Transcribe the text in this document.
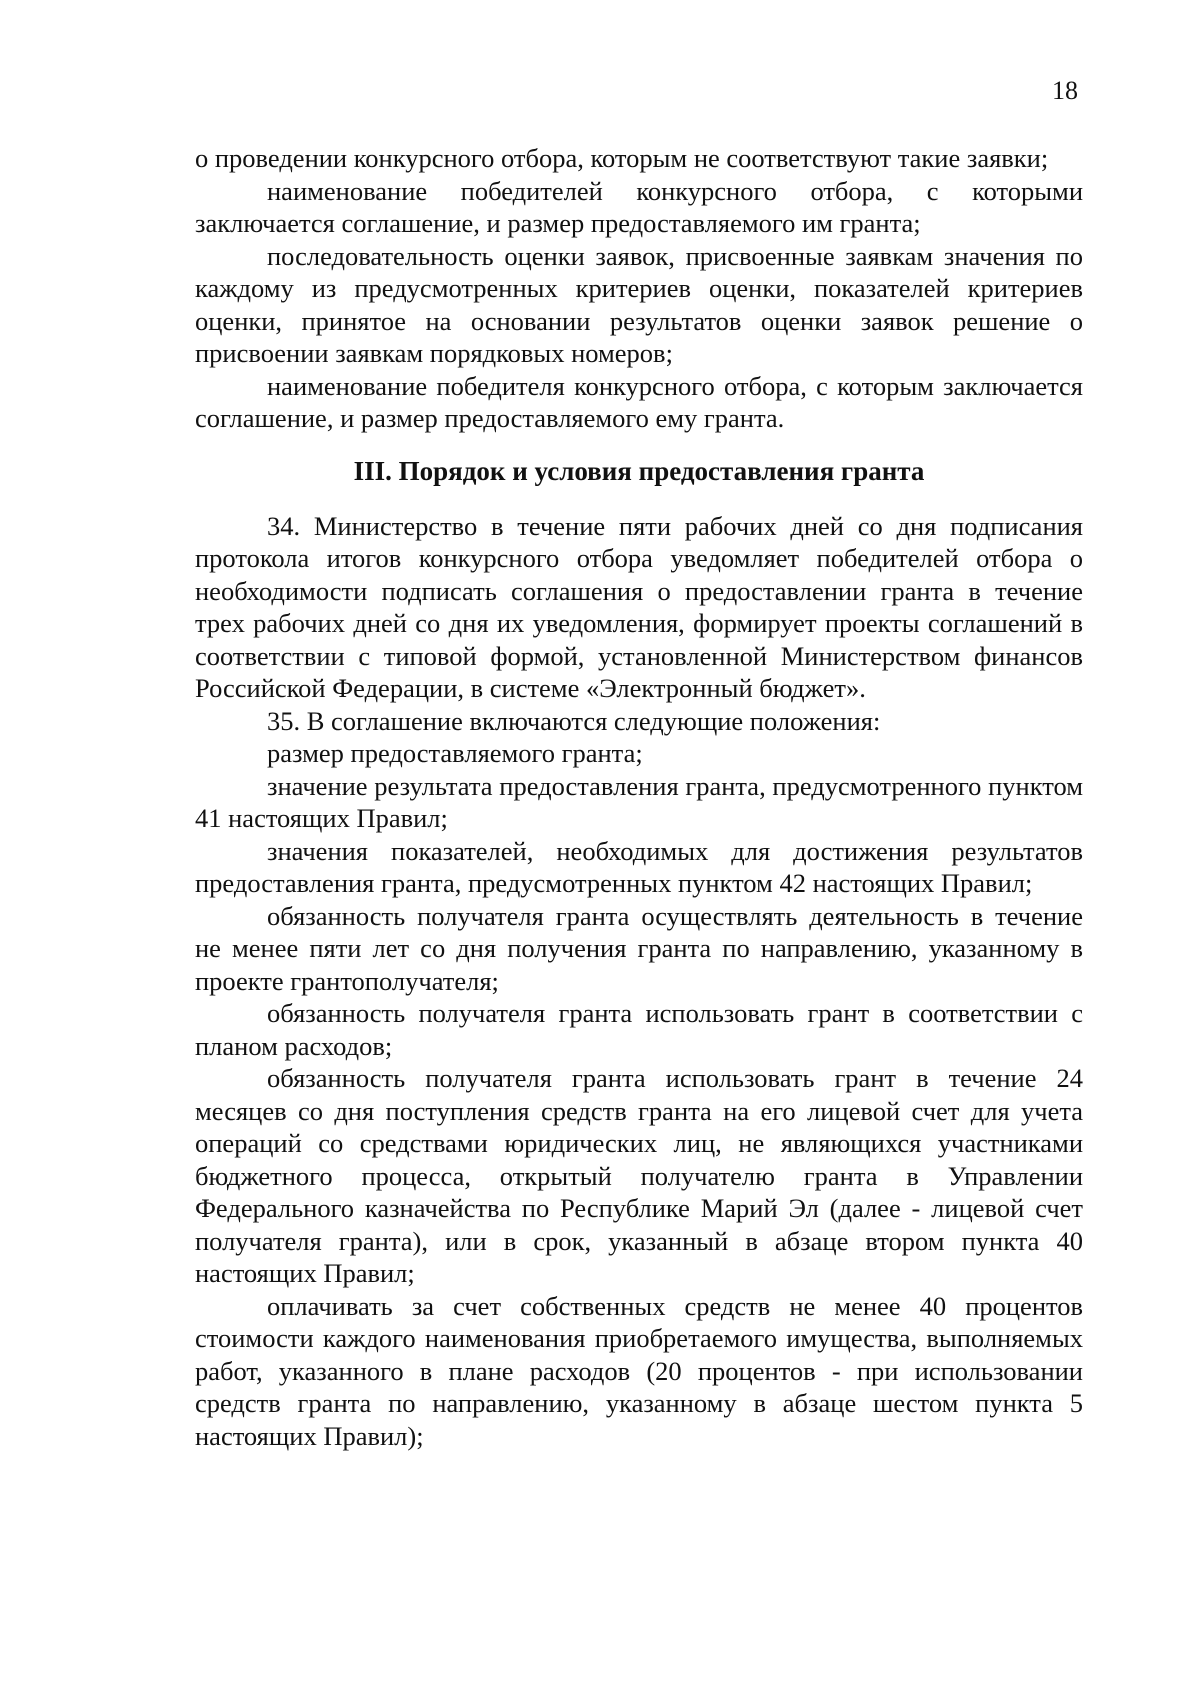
18

о проведении конкурсного отбора, которым не соответствуют такие заявки;

наименование победителей конкурсного отбора, с которыми заключается соглашение, и размер предоставляемого им гранта;

последовательность оценки заявок, присвоенные заявкам значения по каждому из предусмотренных критериев оценки, показателей критериев оценки, принятое на основании результатов оценки заявок решение о присвоении заявкам порядковых номеров;

наименование победителя конкурсного отбора, с которым заключается соглашение, и размер предоставляемого ему гранта.

III. Порядок и условия предоставления гранта

34. Министерство в течение пяти рабочих дней со дня подписания протокола итогов конкурсного отбора уведомляет победителей отбора о необходимости подписать соглашения о предоставлении гранта в течение трех рабочих дней со дня их уведомления, формирует проекты соглашений в соответствии с типовой формой, установленной Министерством финансов Российской Федерации, в системе «Электронный бюджет».

35. В соглашение включаются следующие положения:

размер предоставляемого гранта;

значение результата предоставления гранта, предусмотренного пунктом 41 настоящих Правил;

значения показателей, необходимых для достижения результатов предоставления гранта, предусмотренных пунктом 42 настоящих Правил;

обязанность получателя гранта осуществлять деятельность в течение не менее пяти лет со дня получения гранта по направлению, указанному в проекте грантополучателя;

обязанность получателя гранта использовать грант в соответствии с планом расходов;

обязанность получателя гранта использовать грант в течение 24 месяцев со дня поступления средств гранта на его лицевой счет для учета операций со средствами юридических лиц, не являющихся участниками бюджетного процесса, открытый получателю гранта в Управлении Федерального казначейства по Республике Марий Эл (далее - лицевой счет получателя гранта), или в срок, указанный в абзаце втором пункта 40 настоящих Правил;

оплачивать за счет собственных средств не менее 40 процентов стоимости каждого наименования приобретаемого имущества, выполняемых работ, указанного в плане расходов (20 процентов - при использовании средств гранта по направлению, указанному в абзаце шестом пункта 5 настоящих Правил);
